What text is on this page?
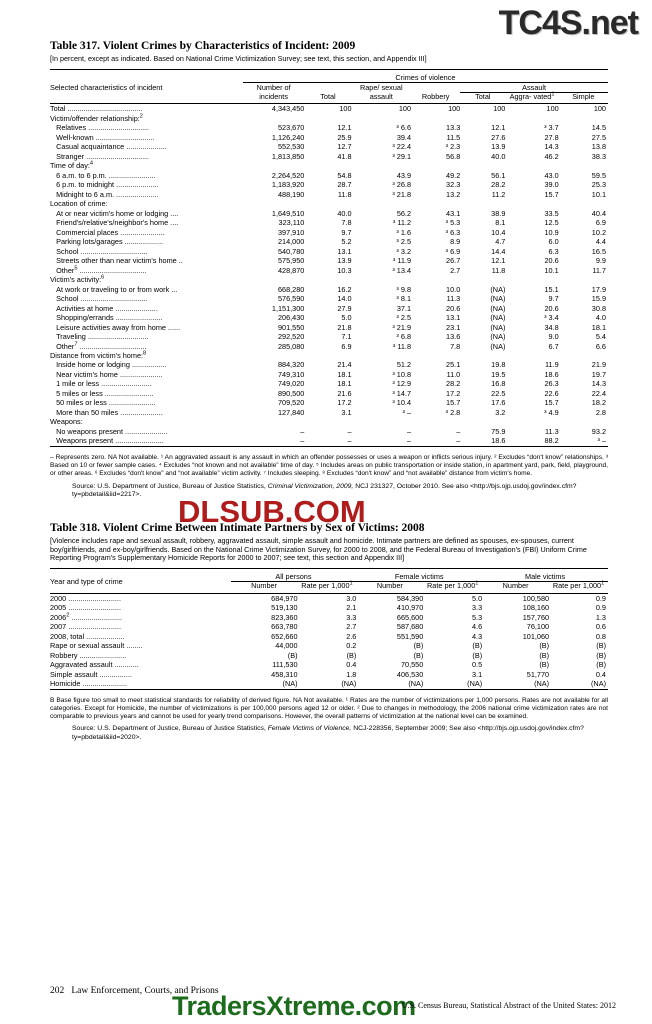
TC4S.net
DLSUB.COM
TradersXtreme.com
Table 317. Violent Crimes by Characteristics of Incident: 2009
[In percent, except as indicated. Based on National Crime Victimization Survey; see text, this section, and Appendix III]

Selected characteristics of incident	Crimes of violence						

	Number of incidents	Total	Rape/ sexual assault	Robbery	Assault		
					Total	Aggra- vated$^1$	Simple

Total .....................................	4,343,450	100	100	100	100	100	100
Victim/offender relationship:$^2$
Relatives ..............................	523,670	12.1	³ 6.6	13.3	12.1	³ 3.7	14.5
Well-known .............................	1,126,240	25.9	39.4	11.5	27.6	27.8	27.5
Casual acquaintance ....................	552,530	12.7	³ 22.4	³ 2.3	13.9	14.3	13.8
Stranger ...............................	1,813,850	41.8	³ 29.1	56.8	40.0	46.2	38.3
Time of day:$^4$
6 a.m. to 6 p.m. .......................	2,264,520	54.8	43.9	49.2	56.1	43.0	59.5
6 p.m. to midnight .....................	1,183,920	28.7	³ 26.8	32.3	28.2	39.0	25.3
Midnight to 6 a.m. .....................	488,190	11.8	³ 21.8	13.2	11.2	15.7	10.1
Location of crime:							
At or near victim's home or lodging ....	1,649,510	40.0	56.2	43.1	38.9	33.5	40.4
Friend's/relative's/neighbor's home ....	323,110	7.8	³ 11.2	³ 5.3	8.1	12.5	6.9
Commercial places ......................	397,910	9.7	³ 1.6	³ 6.3	10.4	10.9	10.2
Parking lots/garages ...................	214,000	5.2	³ 2.5	8.9	4.7	6.0	4.4
School .................................	540,780	13.1	³ 3.2	³ 6.9	14.4	6.3	16.5
Streets other than near victim's home ..	575,950	13.9	³ 11.9	26.7	12.1	20.6	9.9
Other$^5$ .................................	428,870	10.3	³ 13.4	2.7	11.8	10.1	11.7
Victim's activity:$^6$
At work or traveling to or from work ...	668,280	16.2	³ 9.8	10.0	(NA)	15.1	17.9
School .................................	576,590	14.0	³ 8.1	11.3	(NA)	9.7	15.9
Activities at home .....................	1,151,300	27.9	37.1	20.6	(NA)	20.6	30.8
Shopping/errands .......................	206,430	5.0	³ 2.5	13.1	(NA)	³ 3.4	4.0
Leisure activities away from home ......	901,550	21.8	³ 21.9	23.1	(NA)	34.8	18.1
Traveling ..............................	292,520	7.1	³ 6.8	13.6	(NA)	9.0	5.4
Other$^7$ .................................	285,080	6.9	³ 11.8	7.8	(NA)	6.7	6.6
Distance from victim's home:$^8$
Inside home or lodging .................	884,320	21.4	51.2	25.1	19.8	11.9	21.9
Near victim's home .....................	749,310	18.1	³ 10.8	11.0	19.5	18.6	19.7
1 mile or less .........................	749,020	18.1	³ 12.9	28.2	16.8	26.3	14.3
5 miles or less ........................	890,500	21.6	³ 14.7	17.2	22.5	22.6	22.4
50 miles or less .......................	709,520	17.2	³ 10.4	15.7	17.6	15.7	18.2
More than 50 miles .....................	127,840	3.1	³ –	³ 2.8	3.2	³ 4.9	2.8
Weapons:							
No weapons present .....................	–	–	–	–	75.9	11.3	93.2
Weapons present ........................	–	–	–	–	18.6	88.2	³ –

– Represents zero. NA Not available. ¹ An aggravated assault is any assault in which an offender possesses or uses a weapon or inflicts serious injury. ² Excludes “don't know” relationships. ³ Based on 10 or fewer sample cases. ⁴ Excludes “not known and not available” time of day. ⁵ Includes areas on public transportation or inside station, in apartment yard, park, field, playground, or other areas. ⁶ Excludes “don't know” and “not available” victim activity. ⁷ Includes sleeping. ⁸ Excludes “don't know” and “not available” distance from victim's home.
Source: U.S. Department of Justice, Bureau of Justice Statistics, Criminal Victimization, 2009, NCJ 231327, October 2010. See also <http://bjs.ojp.usdoj.gov/index.cfm?ty=pbdetail&iid=2217>.
Table 318. Violent Crime Between Intimate Partners by Sex of Victims: 2008
[Violence includes rape and sexual assault, robbery, aggravated assault, simple assault and homicide. Intimate partners are defined as spouses, ex-spouses, current boy/girlfriends, and ex-boy/girlfriends. Based on the National Crime Victimization Survey, for 2000 to 2008, and the Federal Bureau of Investigation's (FBI) Uniform Crime Reporting Program's Supplementary Homicide Reports for 2000 to 2007; see text, this section and Appendix III]

Year and type of crime	All persons		Female victims		Male victims	
	Number	Rate per 1,000$^1$	Number	Rate per 1,000$^1$	Number	Rate per 1,000$^1$

2000 ..........................	684,970	3.0	584,390	5.0	100,580	0.9
2005 ..........................	519,130	2.1	410,970	3.3	108,160	0.9
2006$^2$ .........................	823,360	3.3	665,600	5.3	157,760	1.3
2007 ..........................	663,780	2.7	587,680	4.6	76,100	0.6
2008, total ...................	652,660	2.6	551,590	4.3	101,060	0.8
Rape or sexual assault ........	44,000	0.2	(B)	(B)	(B)	(B)
Robbery .......................	(B)	(B)	(B)	(B)	(B)	(B)
Aggravated assault ............	111,530	0.4	70,550	0.5	(B)	(B)
Simple assault ................	458,310	1.8	406,530	3.1	51,770	0.4
Homicide ......................	(NA)	(NA)	(NA)	(NA)	(NA)	(NA)

B Base figure too small to meet statistical standards for reliability of derived figure. NA Not available. ¹ Rates are the number of victimizations per 1,000 persons. Rates are not available for all categories. Except for Homicide, the number of victimizations is per 100,000 persons aged 12 or older. ² Due to changes in methodology, the 2006 national crime victimization rates are not comparable to previous years and cannot be used for yearly trend comparisons. However, the overall patterns of victimization at the national level can be examined.
Source: U.S. Department of Justice, Bureau of Justice Statistics, Female Victims of Violence, NCJ-228356, September 2009; See also <http://bjs.ojp.usdoj.gov/index.cfm?ty=pbdetail&iid=2020>.
202 Law Enforcement, Courts, and Prisons
U.S. Census Bureau, Statistical Abstract of the United States: 2012
